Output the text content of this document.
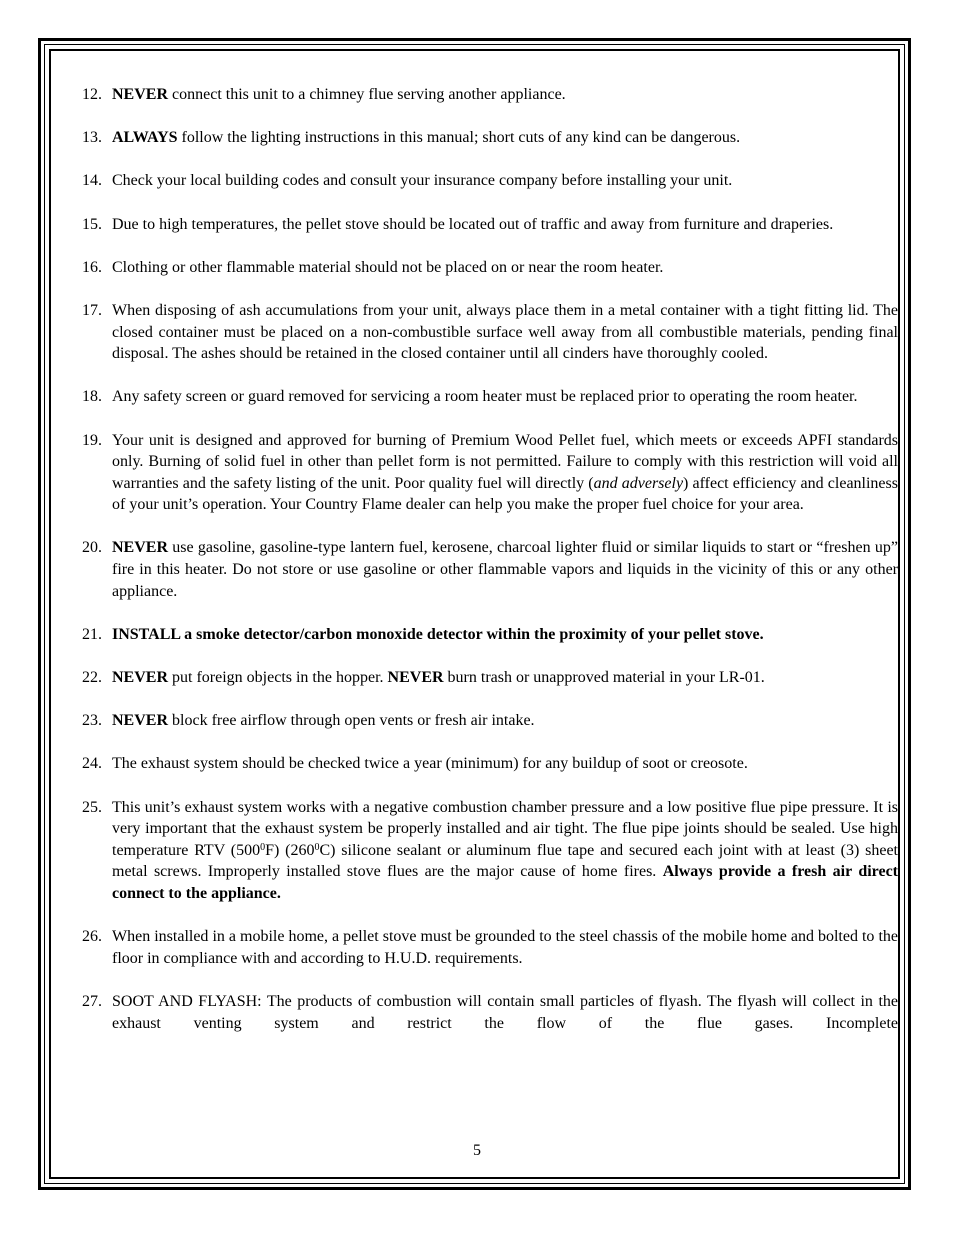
12. NEVER connect this unit to a chimney flue serving another appliance.

13. ALWAYS follow the lighting instructions in this manual; short cuts of any kind can be dangerous.

14. Check your local building codes and consult your insurance company before installing your unit.

15. Due to high temperatures, the pellet stove should be located out of traffic and away from furniture and draperies.

16. Clothing or other flammable material should not be placed on or near the room heater.

17. When disposing of ash accumulations from your unit, always place them in a metal container with a tight fitting lid. The closed container must be placed on a non-combustible surface well away from all combustible materials, pending final disposal. The ashes should be retained in the closed container until all cinders have thoroughly cooled.

18. Any safety screen or guard removed for servicing a room heater must be replaced prior to operating the room heater.

19. Your unit is designed and approved for burning of Premium Wood Pellet fuel, which meets or exceeds APFI standards only. Burning of solid fuel in other than pellet form is not permitted. Failure to comply with this restriction will void all warranties and the safety listing of the unit. Poor quality fuel will directly (and adversely) affect efficiency and cleanliness of your unit’s operation. Your Country Flame dealer can help you make the proper fuel choice for your area.

20. NEVER use gasoline, gasoline-type lantern fuel, kerosene, charcoal lighter fluid or similar liquids to start or “freshen up” fire in this heater. Do not store or use gasoline or other flammable vapors and liquids in the vicinity of this or any other appliance.

21. INSTALL a smoke detector/carbon monoxide detector within the proximity of your pellet stove.

22. NEVER put foreign objects in the hopper. NEVER burn trash or unapproved material in your LR-01.

23. NEVER block free airflow through open vents or fresh air intake.

24. The exhaust system should be checked twice a year (minimum) for any buildup of soot or creosote.

25. This unit’s exhaust system works with a negative combustion chamber pressure and a low positive flue pipe pressure. It is very important that the exhaust system be properly installed and air tight. The flue pipe joints should be sealed. Use high temperature RTV $(500^0F)$ $(260^0C)$ silicone sealant or aluminum flue tape and secured each joint with at least (3) sheet metal screws. Improperly installed stove flues are the major cause of home fires. Always provide a fresh air direct connect to the appliance.

26. When installed in a mobile home, a pellet stove must be grounded to the steel chassis of the mobile home and bolted to the floor in compliance with and according to H.U.D. requirements.

27. SOOT AND FLYASH: The products of combustion will contain small particles of flyash. The flyash will collect in the exhaust venting system and restrict the flow of the flue gases. Incomplete

5
